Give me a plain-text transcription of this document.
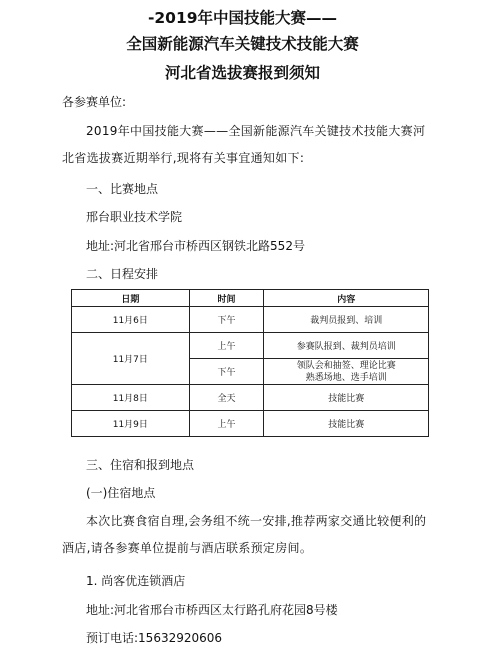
-2019年中国技能大赛——
全国新能源汽车关键技术技能大赛
河北省选拔赛报到须知
各参赛单位:
2019年中国技能大赛——全国新能源汽车关键技术技能大赛河北省选拔赛近期举行,现将有关事宜通知如下:
一、比赛地点
邢台职业技术学院
地址:河北省邢台市桥西区钢铁北路552号
二、日程安排
日期	时间	内容
11月6日	下午	裁判员报到、培训
11月7日	上午	参赛队报到、裁判员培训
	下午	领队会和抽签、理论比赛
熟悉场地、选手培训

11月8日	全天	技能比赛
11月9日	上午	技能比赛
三、住宿和报到地点
(一)住宿地点
本次比赛食宿自理,会务组不统一安排,推荐两家交通比较便利的酒店,请各参赛单位提前与酒店联系预定房间。
1. 尚客优连锁酒店
地址:河北省邢台市桥西区太行路孔府花园8号楼
预订电话:15632920606
